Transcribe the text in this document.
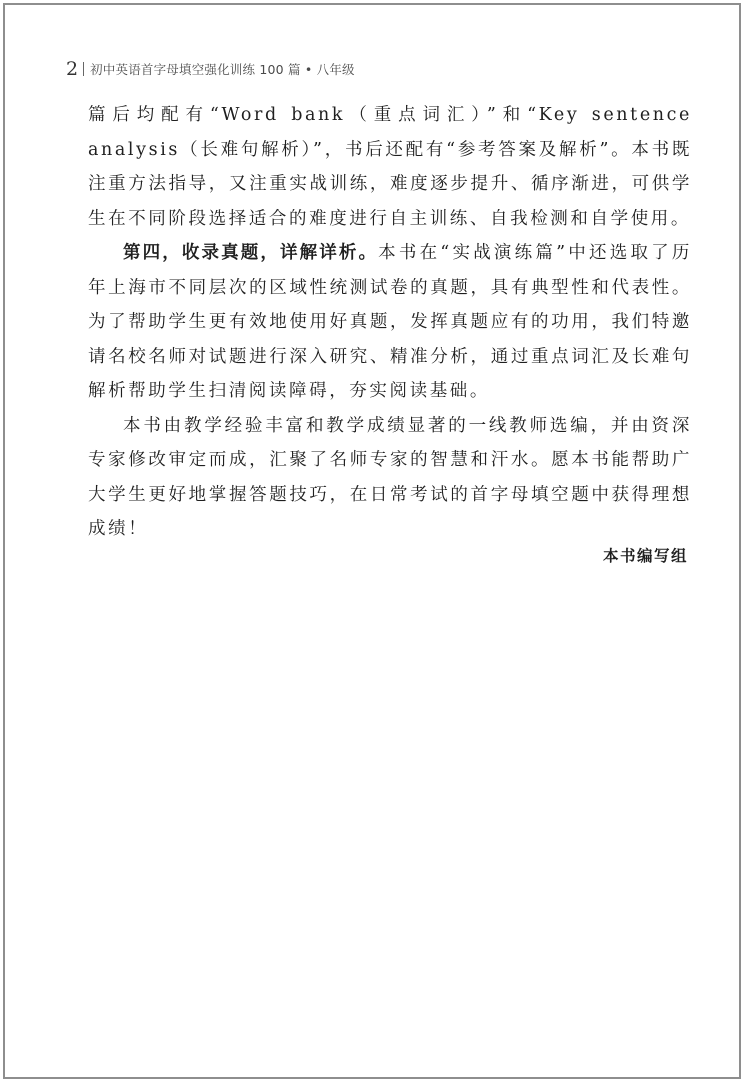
2 初中英语首字母填空强化训练 100 篇 • 八年级

篇后均配有“Word bank（重点词汇）”和“Key sentence analysis（长难句解析）”，书后还配有“参考答案及解析”。本书既注重方法指导，又注重实战训练，难度逐步提升、循序渐进，可供学生在不同阶段选择适合的难度进行自主训练、自我检测和自学使用。

第四，收录真题，详解详析。本书在“实战演练篇”中还选取了历年上海市不同层次的区域性统测试卷的真题，具有典型性和代表性。为了帮助学生更有效地使用好真题，发挥真题应有的功用，我们特邀请名校名师对试题进行深入研究、精准分析，通过重点词汇及长难句解析帮助学生扫清阅读障碍，夯实阅读基础。

本书由教学经验丰富和教学成绩显著的一线教师选编，并由资深专家修改审定而成，汇聚了名师专家的智慧和汗水。愿本书能帮助广大学生更好地掌握答题技巧，在日常考试的首字母填空题中获得理想成绩！

本书编写组
